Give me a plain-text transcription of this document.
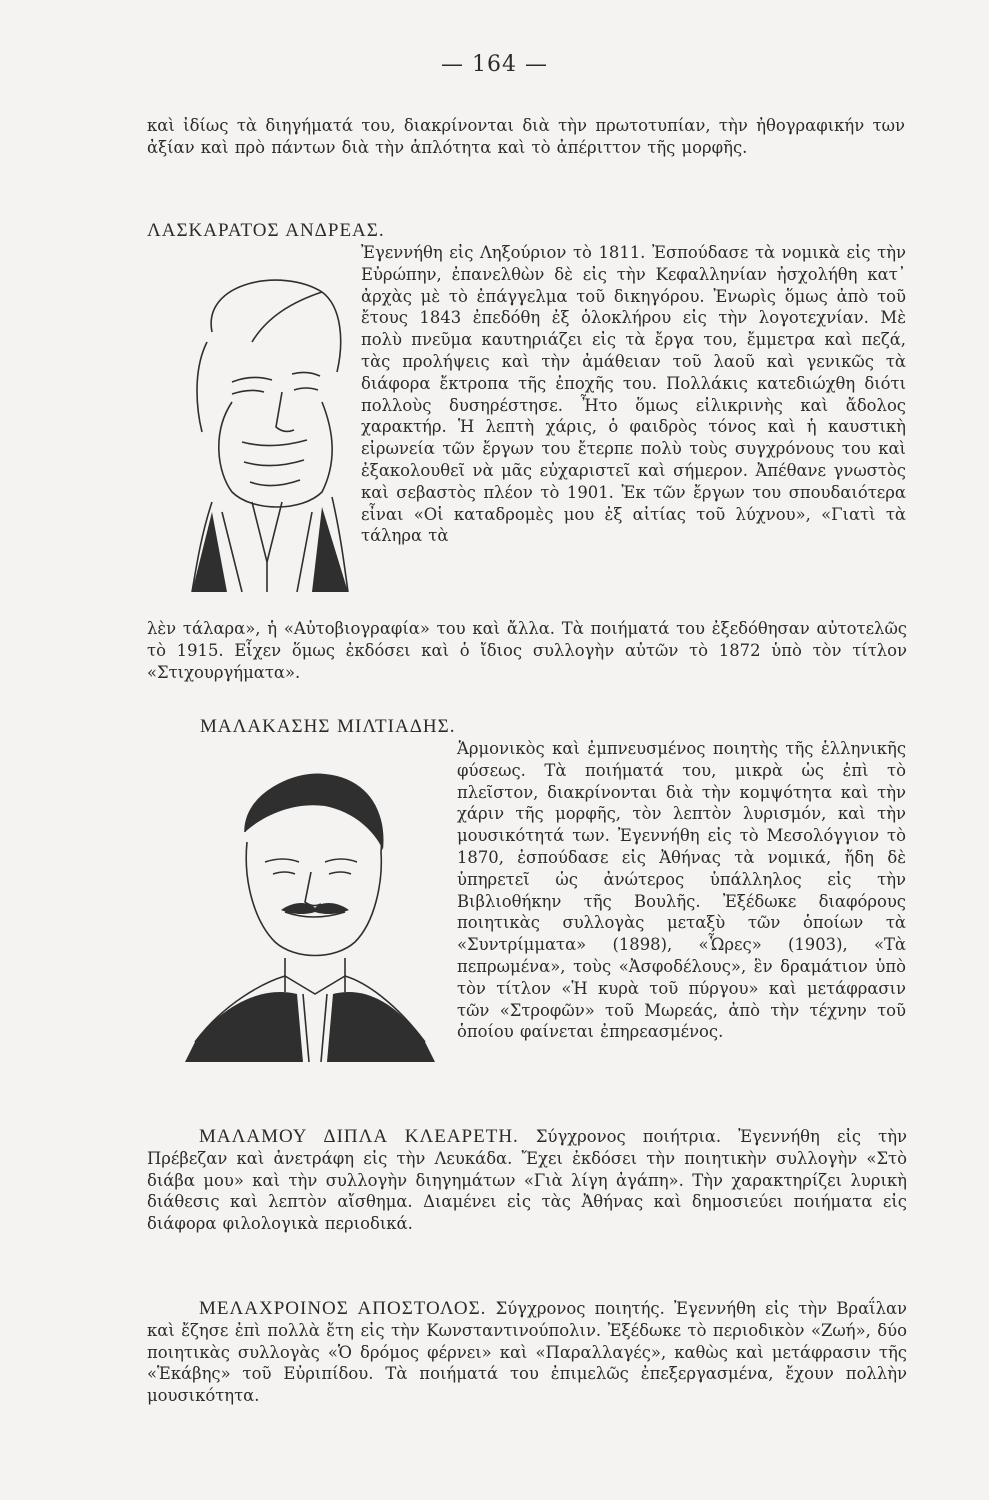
— 164 —
καὶ ἰδίως τὰ διηγήματά του, διακρίνονται διὰ τὴν πρωτοτυπίαν, τὴν ἠθογραφικήν των ἀξίαν καὶ πρὸ πάντων διὰ τὴν ἁπλότητα καὶ τὸ ἀπέριττον τῆς μορφῆς.
ΛΑΣΚΑΡΑΤΟΣ ΑΝΔΡΕΑΣ.
Ἐγεννήθη εἰς Ληξούριον τὸ 1811. Ἐσπούδασε τὰ νομικὰ εἰς τὴν Εὐρώπην, ἐπανελθὼν δὲ εἰς τὴν Κεφαλληνίαν ἠσχολήθη κατ᾽ ἀρχὰς μὲ τὸ ἐπάγγελμα τοῦ δικηγόρου. Ἐνωρὶς ὅμως ἀπὸ τοῦ ἔτους 1843 ἐπεδόθη ἐξ ὁλοκλήρου εἰς τὴν λογοτεχνίαν. Μὲ πολὺ πνεῦμα καυτηριάζει εἰς τὰ ἔργα του, ἔμμετρα καὶ πεζά, τὰς προλήψεις καὶ τὴν ἀμάθειαν τοῦ λαοῦ καὶ γενικῶς τὰ διάφορα ἔκτροπα τῆς ἐποχῆς του. Πολλάκις κατεδιώχθη διότι πολλοὺς δυσηρέστησε. Ἦτο ὅμως εἰλικρινὴς καὶ ἄδολος χαρακτήρ. Ἡ λεπτὴ χάρις, ὁ φαιδρὸς τόνος καὶ ἡ καυστικὴ εἰρωνεία τῶν ἔργων του ἔτερπε πολὺ τοὺς συγχρόνους του καὶ ἐξακολουθεῖ νὰ μᾶς εὐχαριστεῖ καὶ σήμερον. Ἀπέθανε γνωστὸς καὶ σεβαστὸς πλέον τὸ 1901. Ἐκ τῶν ἔργων του σπουδαιότερα εἶναι «Οἱ καταδρομὲς μου ἐξ αἰτίας τοῦ λύχνου», «Γιατὶ τὰ τάληρα τὰ
λὲν τάλαρα», ἡ «Αὐτοβιογραφία» του καὶ ἄλλα. Τὰ ποιήματά του ἐξεδόθησαν αὐτοτελῶς τὸ 1915. Εἶχεν ὅμως ἐκδόσει καὶ ὁ ἴδιος συλλογὴν αὐτῶν τὸ 1872 ὑπὸ τὸν τίτλον «Στιχουργήματα».
ΜΑΛΑΚΑΣΗΣ ΜΙΛΤΙΑΔΗΣ.
Ἁρμονικὸς καὶ ἐμπνευσμένος ποιητὴς τῆς ἑλληνικῆς φύσεως. Τὰ ποιήματά του, μικρὰ ὡς ἐπὶ τὸ πλεῖστον, διακρίνονται διὰ τὴν κομψότητα καὶ τὴν χάριν τῆς μορφῆς, τὸν λεπτὸν λυρισμόν, καὶ τὴν μουσικότητά των. Ἐγεννήθη εἰς τὸ Μεσολόγγιον τὸ 1870, ἐσπούδασε εἰς Ἀθήνας τὰ νομικά, ἤδη δὲ ὑπηρετεῖ ὡς ἀνώτερος ὑπάλληλος εἰς τὴν Βιβλιοθήκην τῆς Βουλῆς. Ἐξέδωκε διαφόρους ποιητικὰς συλλογὰς μεταξὺ τῶν ὁποίων τὰ «Συντρίμματα» (1898), «Ὧρες» (1903), «Τὰ πεπρωμένα», τοὺς «Ἀσφοδέλους», ἓν δραμάτιον ὑπὸ τὸν τίτλον «Ἡ κυρὰ τοῦ πύργου» καὶ μετάφρασιν τῶν «Στροφῶν» τοῦ Μωρεάς, ἀπὸ τὴν τέχνην τοῦ ὁποίου φαίνεται ἐπηρεασμένος.
ΜΑΛΑΜΟΥ ΔΙΠΛΑ ΚΛΕΑΡΕΤΗ. Σύγχρονος ποιήτρια. Ἐγεννήθη εἰς τὴν Πρέβεζαν καὶ ἀνετράφη εἰς τὴν Λευκάδα. Ἔχει ἐκδόσει τὴν ποιητικὴν συλλογὴν «Στὸ διάβα μου» καὶ τὴν συλλογὴν διηγημάτων «Γιὰ λίγη ἀγάπη». Τὴν χαρακτηρίζει λυρικὴ διάθεσις καὶ λεπτὸν αἴσθημα. Διαμένει εἰς τὰς Ἀθήνας καὶ δημοσιεύει ποιήματα εἰς διάφορα φιλολογικὰ περιοδικά.
ΜΕΛΑΧΡΟΙΝΟΣ ΑΠΟΣΤΟΛΟΣ. Σύγχρονος ποιητής. Ἐγεννήθη εἰς τὴν Βραΐλαν καὶ ἔζησε ἐπὶ πολλὰ ἔτη εἰς τὴν Κωνσταντινούπολιν. Ἐξέδωκε τὸ περιοδικὸν «Ζωή», δύο ποιητικὰς συλλογὰς «Ὁ δρόμος φέρνει» καὶ «Παραλλαγές», καθὼς καὶ μετάφρασιν τῆς «Ἑκάβης» τοῦ Εὐριπίδου. Τὰ ποιήματά του ἐπιμελῶς ἐπεξεργασμένα, ἔχουν πολλὴν μουσικότητα.
